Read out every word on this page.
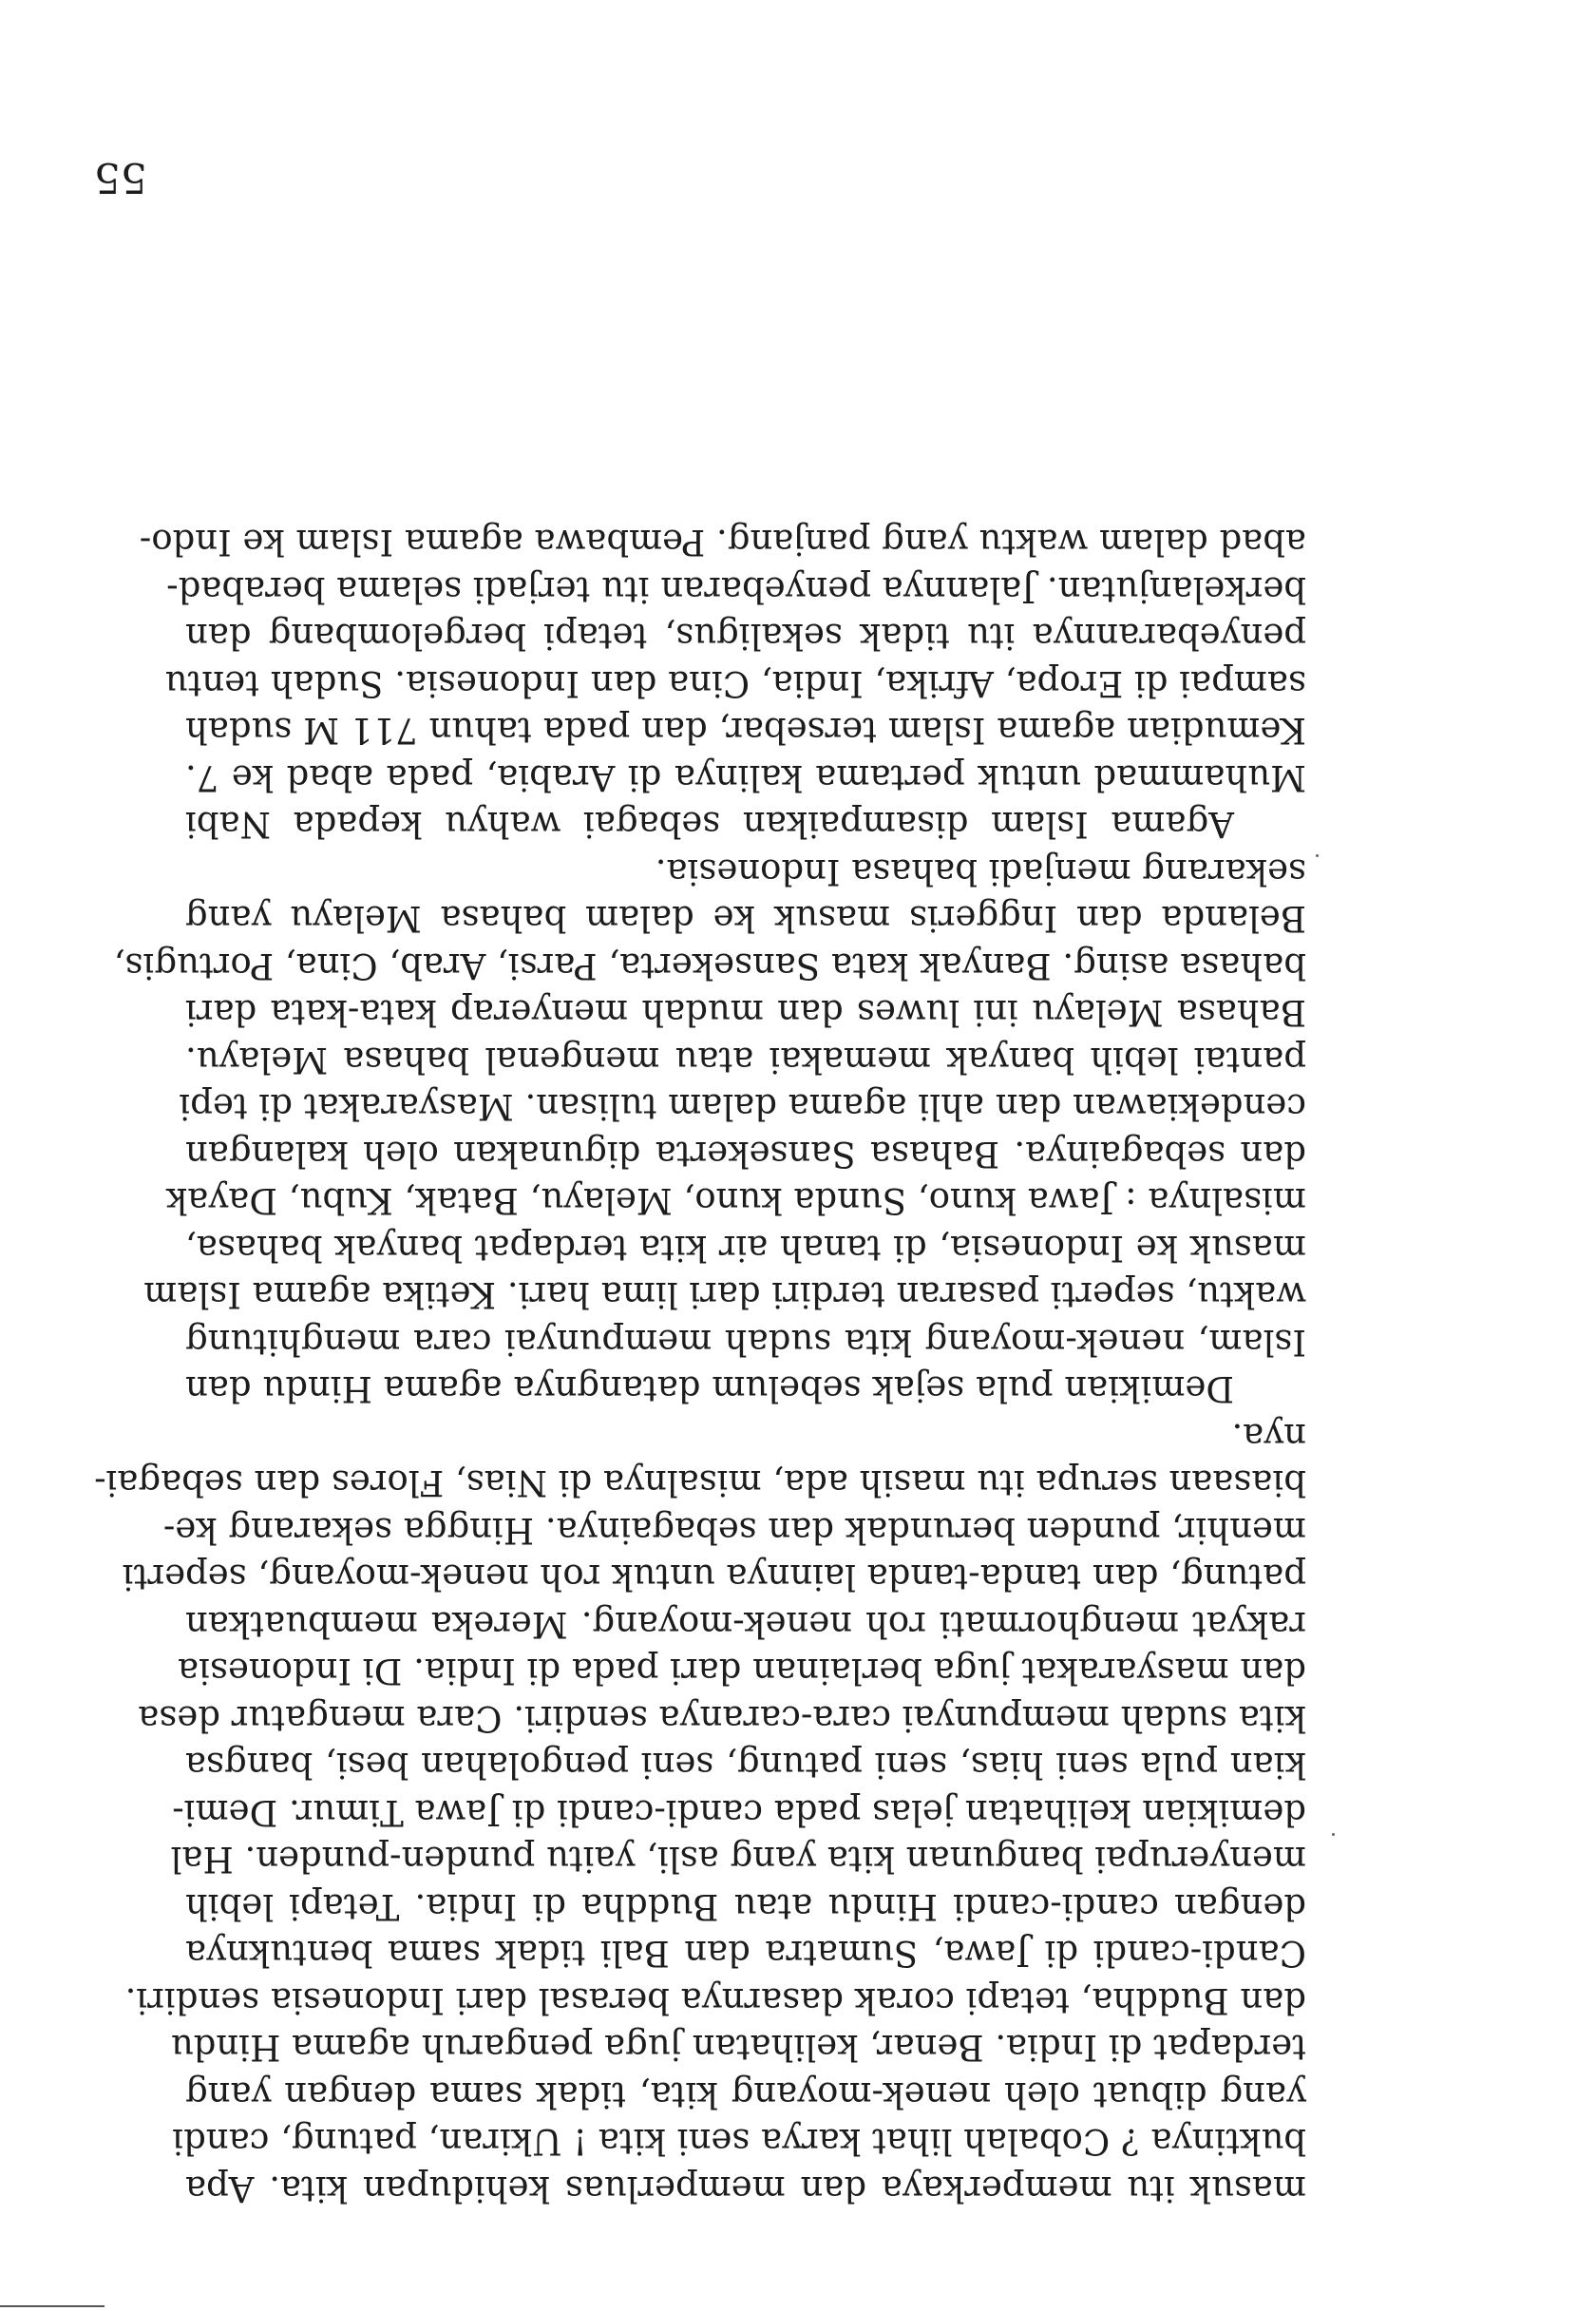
masuk itu memperkaya dan memperluas kehidupan kita. Apa
buktinya ? Cobalah lihat karya seni kita ! Ukiran, patung, candi
yang dibuat oleh nenek-moyang kita, tidak sama dengan yang
terdapat di India. Benar, kelihatan juga pengaruh agama Hindu
dan Buddha, tetapi corak dasarnya berasal dari Indonesia sendiri.
Candi-candi di Jawa, Sumatra dan Bali tidak sama bentuknya
dengan candi-candi Hindu atau Buddha di India. Tetapi lebih
menyerupai bangunan kita yang asli, yaitu punden-punden. Hal
demikian kelihatan jelas pada candi-candi di Jawa Timur. Demi-
kian pula seni hias, seni patung, seni pengolahan besi, bangsa
kita sudah mempunyai cara-caranya sendiri. Cara mengatur desa
dan masyarakat juga berlainan dari pada di India. Di Indonesia
rakyat menghormati roh nenek-moyang. Mereka membuatkan
patung, dan tanda-tanda lainnya untuk roh nenek-moyang, seperti
menhir, punden berundak dan sebagainya. Hingga sekarang ke-
biasaan serupa itu masih ada, misalnya di Nias, Flores dan sebagai-
nya.
Demikian pula sejak sebelum datangnya agama Hindu dan
Islam, nenek-moyang kita sudah mempunyai cara menghitung
waktu, seperti pasaran terdiri dari lima hari. Ketika agama Islam
masuk ke Indonesia, di tanah air kita terdapat banyak bahasa,
misalnya : Jawa kuno, Sunda kuno, Melayu, Batak, Kubu, Dayak
dan sebagainya. Bahasa Sansekerta digunakan oleh kalangan
cendekiawan dan ahli agama dalam tulisan. Masyarakat di tepi
pantai lebih banyak memakai atau mengenal bahasa Melayu.
Bahasa Melayu ini luwes dan mudah menyerap kata-kata dari
bahasa asing. Banyak kata Sansekerta, Parsi, Arab, Cina, Portugis,
Belanda dan Inggeris masuk ke dalam bahasa Melayu yang
sekarang menjadi bahasa Indonesia.
Agama Islam disampaikan sebagai wahyu kepada Nabi
Muhammad untuk pertama kalinya di Arabia, pada abad ke 7.
Kemudian agama Islam tersebar, dan pada tahun 711 M sudah
sampai di Eropa, Afrika, India, Cina dan Indonesia. Sudah tentu
penyebarannya itu tidak sekaligus, tetapi bergelombang dan
berkelanjutan. Jalannya penyebaran itu terjadi selama berabad-
abad dalam waktu yang panjang. Pembawa agama Islam ke Indo-
55
